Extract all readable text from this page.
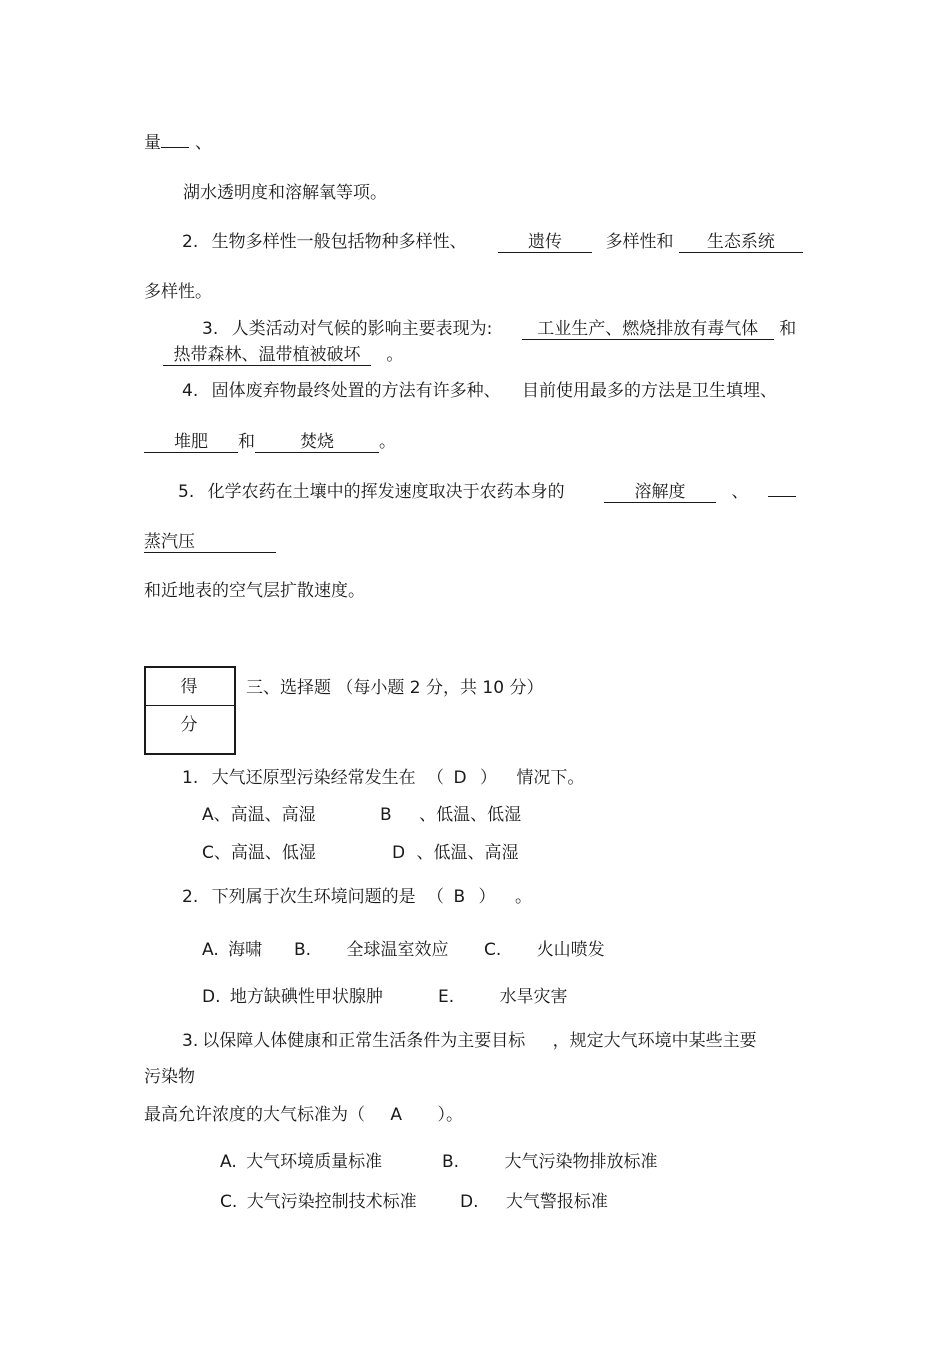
量 、
湖水透明度和溶解氧等项。
2. 生物多样性一般包括物种多样性、	遗传	多样性和 生态系统
多样性。
3. 人类活动对气候的影响主要表现为:	工业生产、燃烧排放有毒气体 和
热带森林、温带植被破坏 。
4. 固体废弃物最终处置的方法有许多种、 目前使用最多的方法是卫生填埋、
堆肥 和	焚烧	。
5. 化学农药在土壤中的挥发速度取决于农药本身的	溶解度	、
蒸汽压
和近地表的空气层扩散速度。
得 分
三、选择题 （每小题 2 分，共 10 分）
1. 大气还原型污染经常发生在 （ D ） 情况下。
A、高温、高湿	B 、低温、低湿
C、高温、低湿	D 、低温、高湿
2. 下列属于次生环境问题的是 （ B ） 。
A. 海啸 B. 全球温室效应 C. 火山喷发
D. 地方缺碘性甲状腺肿	E.	水旱灾害
3. 以保障人体健康和正常生活条件为主要目标 ，规定大气环境中某些主要
污染物
最高允许浓度的大气标准为（ A ）。
A. 大气环境质量标准	B.	大气污染物排放标准
C. 大气污染控制技术标准	D. 大气警报标准
